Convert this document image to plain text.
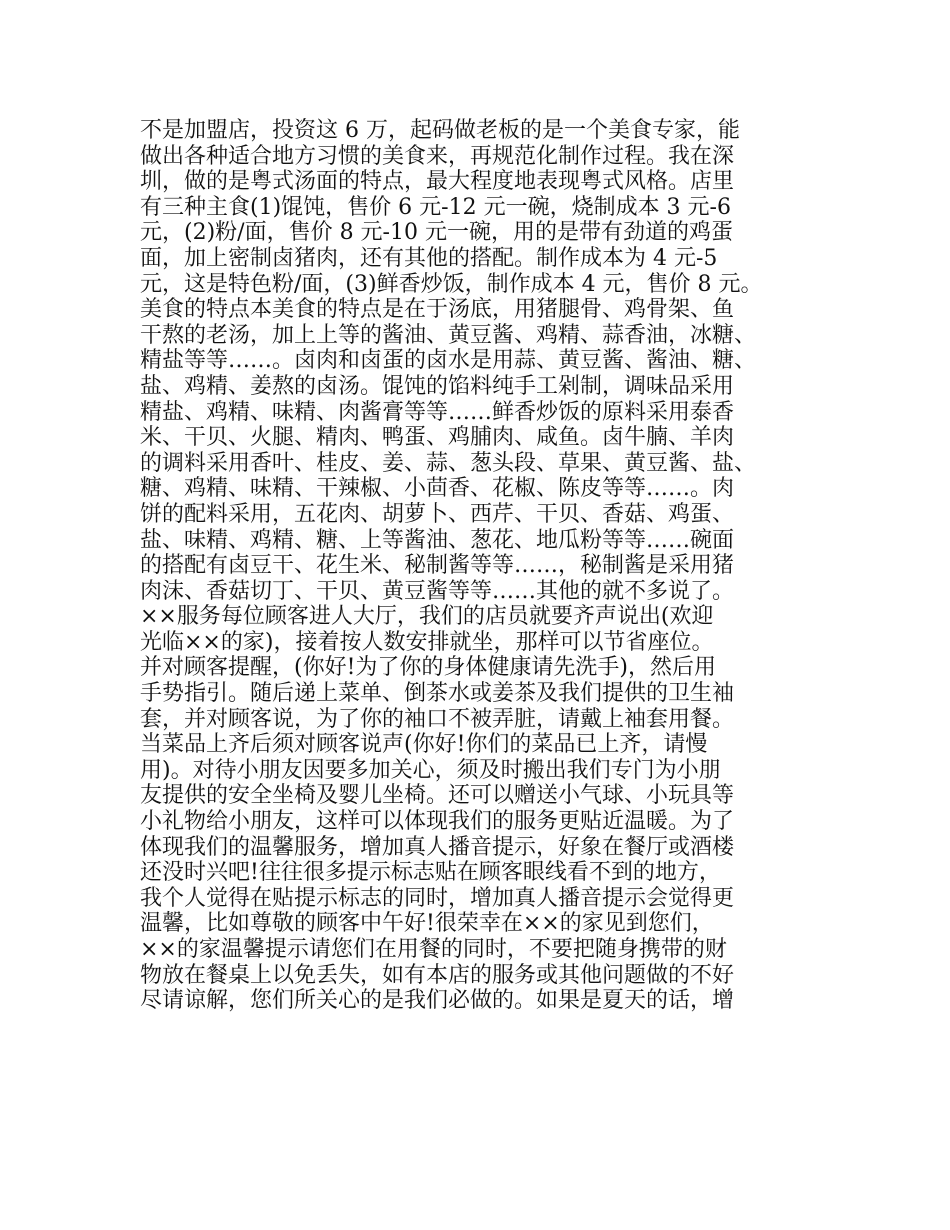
不是加盟店，投资这 6 万，起码做老板的是一个美食专家，能
做出各种适合地方习惯的美食来，再规范化制作过程。我在深
圳，做的是粤式汤面的特点，最大程度地表现粤式风格。店里
有三种主食(1)馄饨，售价 6 元-12 元一碗，烧制成本 3 元-6
元，(2)粉/面，售价 8 元-10 元一碗，用的是带有劲道的鸡蛋
面，加上密制卤猪肉，还有其他的搭配。制作成本为 4 元-5
元，这是特色粉/面，(3)鲜香炒饭，制作成本 4 元，售价 8 元。
美食的特点本美食的特点是在于汤底，用猪腿骨、鸡骨架、鱼
干熬的老汤，加上上等的酱油、黄豆酱、鸡精、蒜香油，冰糖、
精盐等等……。卤肉和卤蛋的卤水是用蒜、黄豆酱、酱油、糖、
盐、鸡精、姜熬的卤汤。馄饨的馅料纯手工剁制，调味品采用
精盐、鸡精、味精、肉酱膏等等……鲜香炒饭的原料采用泰香
米、干贝、火腿、精肉、鸭蛋、鸡脯肉、咸鱼。卤牛腩、羊肉
的调料采用香叶、桂皮、姜、蒜、葱头段、草果、黄豆酱、盐、
糖、鸡精、味精、干辣椒、小茴香、花椒、陈皮等等……。肉
饼的配料采用，五花肉、胡萝卜、西芹、干贝、香菇、鸡蛋、
盐、味精、鸡精、糖、上等酱油、葱花、地瓜粉等等……碗面
的搭配有卤豆干、花生米、秘制酱等等……，秘制酱是采用猪
肉沫、香菇切丁、干贝、黄豆酱等等……其他的就不多说了。
××服务每位顾客进人大厅，我们的店员就要齐声说出(欢迎
光临××的家)，接着按人数安排就坐，那样可以节省座位。
并对顾客提醒，(你好!为了你的身体健康请先洗手)，然后用
手势指引。随后递上菜单、倒茶水或姜茶及我们提供的卫生袖
套，并对顾客说，为了你的袖口不被弄脏，请戴上袖套用餐。
当菜品上齐后须对顾客说声(你好!你们的菜品已上齐，请慢
用)。对待小朋友因要多加关心，须及时搬出我们专门为小朋
友提供的安全坐椅及婴儿坐椅。还可以赠送小气球、小玩具等
小礼物给小朋友，这样可以体现我们的服务更贴近温暖。为了
体现我们的温馨服务，增加真人播音提示，好象在餐厅或酒楼
还没时兴吧!往往很多提示标志贴在顾客眼线看不到的地方，
我个人觉得在贴提示标志的同时，增加真人播音提示会觉得更
温馨，比如尊敬的顾客中午好!很荣幸在××的家见到您们，
××的家温馨提示请您们在用餐的同时，不要把随身携带的财
物放在餐桌上以免丢失，如有本店的服务或其他问题做的不好
尽请谅解，您们所关心的是我们必做的。如果是夏天的话，增
